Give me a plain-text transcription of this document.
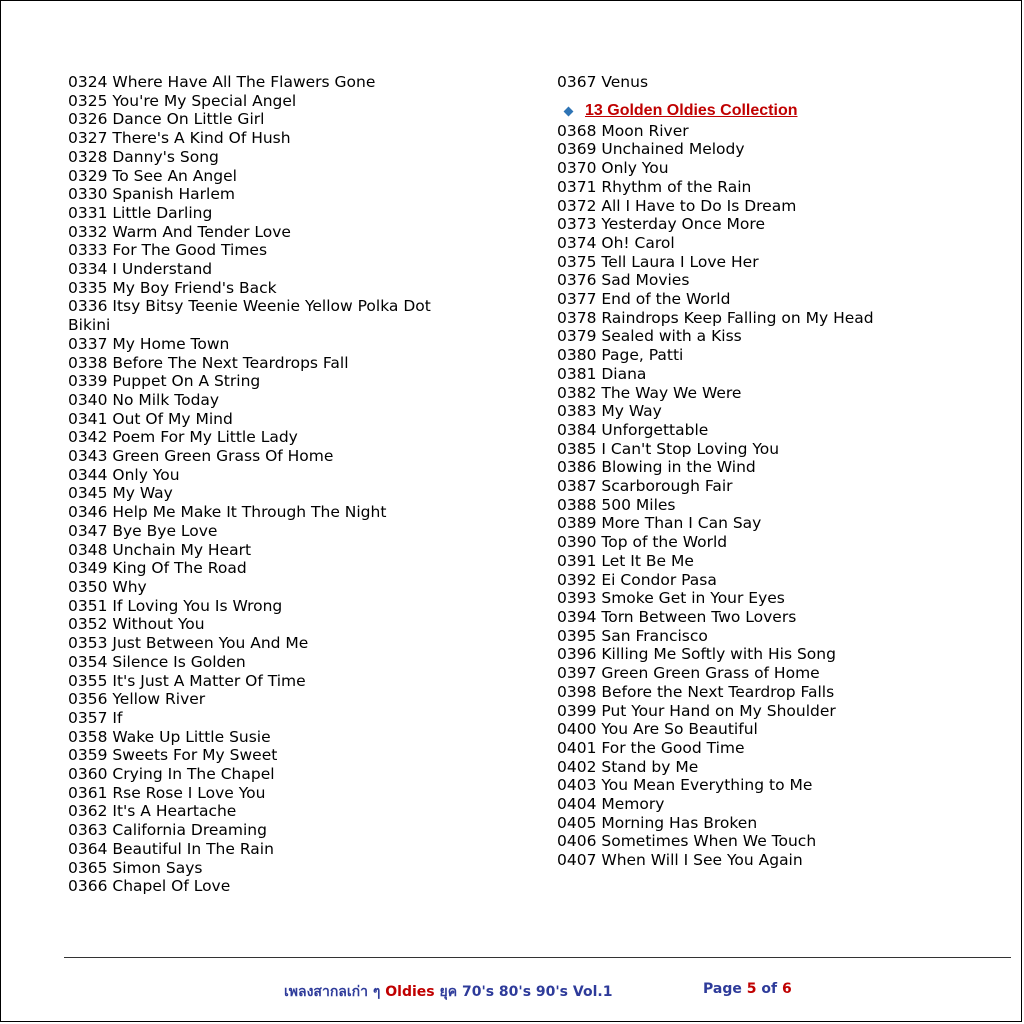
0324 Where Have All The Flawers Gone
0325 You're My Special Angel
0326 Dance On Little Girl
0327 There's A Kind Of Hush
0328 Danny's Song
0329 To See An Angel
0330 Spanish Harlem
0331 Little Darling
0332 Warm And Tender Love
0333 For The Good Times
0334 I Understand
0335 My Boy Friend's Back
0336 Itsy Bitsy Teenie Weenie Yellow Polka Dot
Bikini
0337 My Home Town
0338 Before The Next Teardrops Fall
0339 Puppet On A String
0340 No Milk Today
0341 Out Of My Mind
0342 Poem For My Little Lady
0343 Green Green Grass Of Home
0344 Only You
0345 My Way
0346 Help Me Make It Through The Night
0347 Bye Bye Love
0348 Unchain My Heart
0349 King Of The Road
0350 Why
0351 If Loving You Is Wrong
0352 Without You
0353 Just Between You And Me
0354 Silence Is Golden
0355 It's Just A Matter Of Time
0356 Yellow River
0357 If
0358 Wake Up Little Susie
0359 Sweets For My Sweet
0360 Crying In The Chapel
0361 Rse Rose I Love You
0362 It's A Heartache
0363 California Dreaming
0364 Beautiful In The Rain
0365 Simon Says
0366 Chapel Of Love
0367 Venus
13 Golden Oldies Collection
0368 Moon River
0369 Unchained Melody
0370 Only You
0371 Rhythm of the Rain
0372 All I Have to Do Is Dream
0373 Yesterday Once More
0374 Oh! Carol
0375 Tell Laura I Love Her
0376 Sad Movies
0377 End of the World
0378 Raindrops Keep Falling on My Head
0379 Sealed with a Kiss
0380 Page, Patti
0381 Diana
0382 The Way We Were
0383 My Way
0384 Unforgettable
0385 I Can't Stop Loving You
0386 Blowing in the Wind
0387 Scarborough Fair
0388 500 Miles
0389 More Than I Can Say
0390 Top of the World
0391 Let It Be Me
0392 Ei Condor Pasa
0393 Smoke Get in Your Eyes
0394 Torn Between Two Lovers
0395 San Francisco
0396 Killing Me Softly with His Song
0397 Green Green Grass of Home
0398 Before the Next Teardrop Falls
0399 Put Your Hand on My Shoulder
0400 You Are So Beautiful
0401 For the Good Time
0402 Stand by Me
0403 You Mean Everything to Me
0404 Memory
0405 Morning Has Broken
0406 Sometimes When We Touch
0407 When Will I See You Again
เพลงสากลเก่า ๆ Oldies ยุค 70's 80's 90's Vol.1	Page 5 of 6
